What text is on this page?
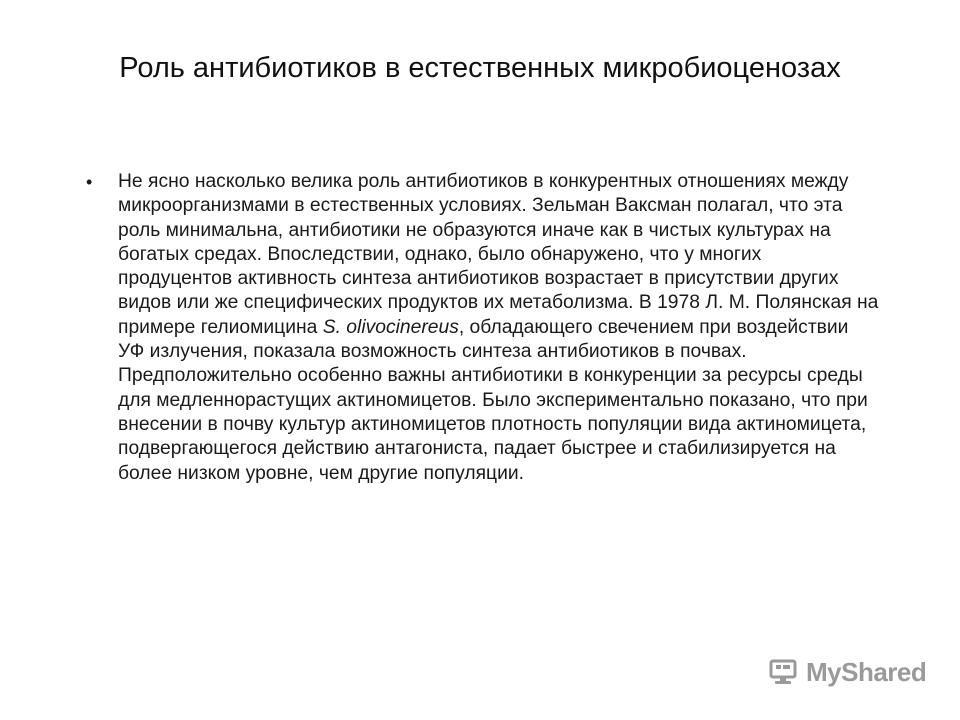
Роль антибиотиков в естественных микробиоценозах
•	Не ясно насколько велика роль антибиотиков в конкурентных отношениях между микроорганизмами в естественных условиях. Зельман Ваксман полагал, что эта роль минимальна, антибиотики не образуются иначе как в чистых культурах на богатых средах. Впоследствии, однако, было обнаружено, что у многих продуцентов активность синтеза антибиотиков возрастает в присутствии других видов или же специфических продуктов их метаболизма. В 1978 Л. М. Полянская на примере гелиомицина S. olivocinereus, обладающего свечением при воздействии УФ излучения, показала возможность синтеза антибиотиков в почвах. Предположительно особенно важны антибиотики в конкуренции за ресурсы среды для медленнорастущих актиномицетов. Было экспериментально показано, что при внесении в почву культур актиномицетов плотность популяции вида актиномицета, подвергающегося действию антагониста, падает быстрее и стабилизируется на более низком уровне, чем другие популяции.
MyShared
